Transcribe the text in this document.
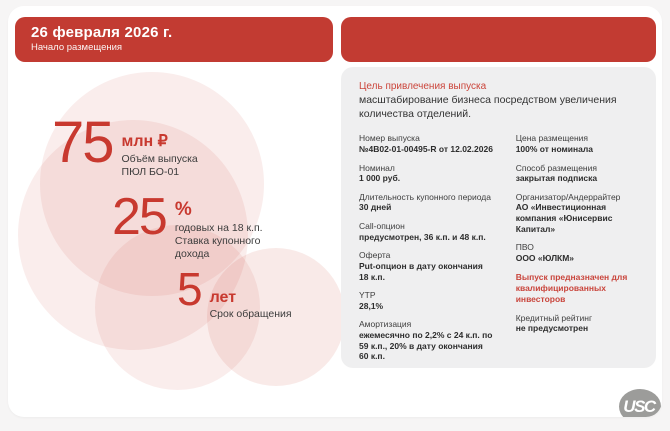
26 февраля 2026 г.
Начало размещения
75 млн ₽
Объём выпуска
ПЮЛ БО-01
25 %
годовых на 18 к.п.
Ставка купонного дохода
5 лет
Срок обращения
Цель привлечения выпуска
масштабирование бизнеса посредством увеличения количества отделений.
Номер выпуска
№4B02-01-00495-R от 12.02.2026
Номинал
1 000 руб.
Длительность купонного периода
30 дней
Call-опцион
предусмотрен, 36 к.п. и 48 к.п.
Оферта
Put-опцион в дату окончания 18 к.п.
YTP
28,1%
Амортизация
ежемесячно по 2,2% с 24 к.п. по 59 к.п., 20% в дату окончания 60 к.п.
Цена размещения
100% от номинала
Способ размещения
закрытая подписка
Организатор/Андеррайтер
АО «Инвестиционная компания «Юнисервис Капитал»
ПВО
ООО «ЮЛКМ»
Выпуск предназначен для квалифицированных инвесторов
Кредитный рейтинг
не предусмотрен
USC
